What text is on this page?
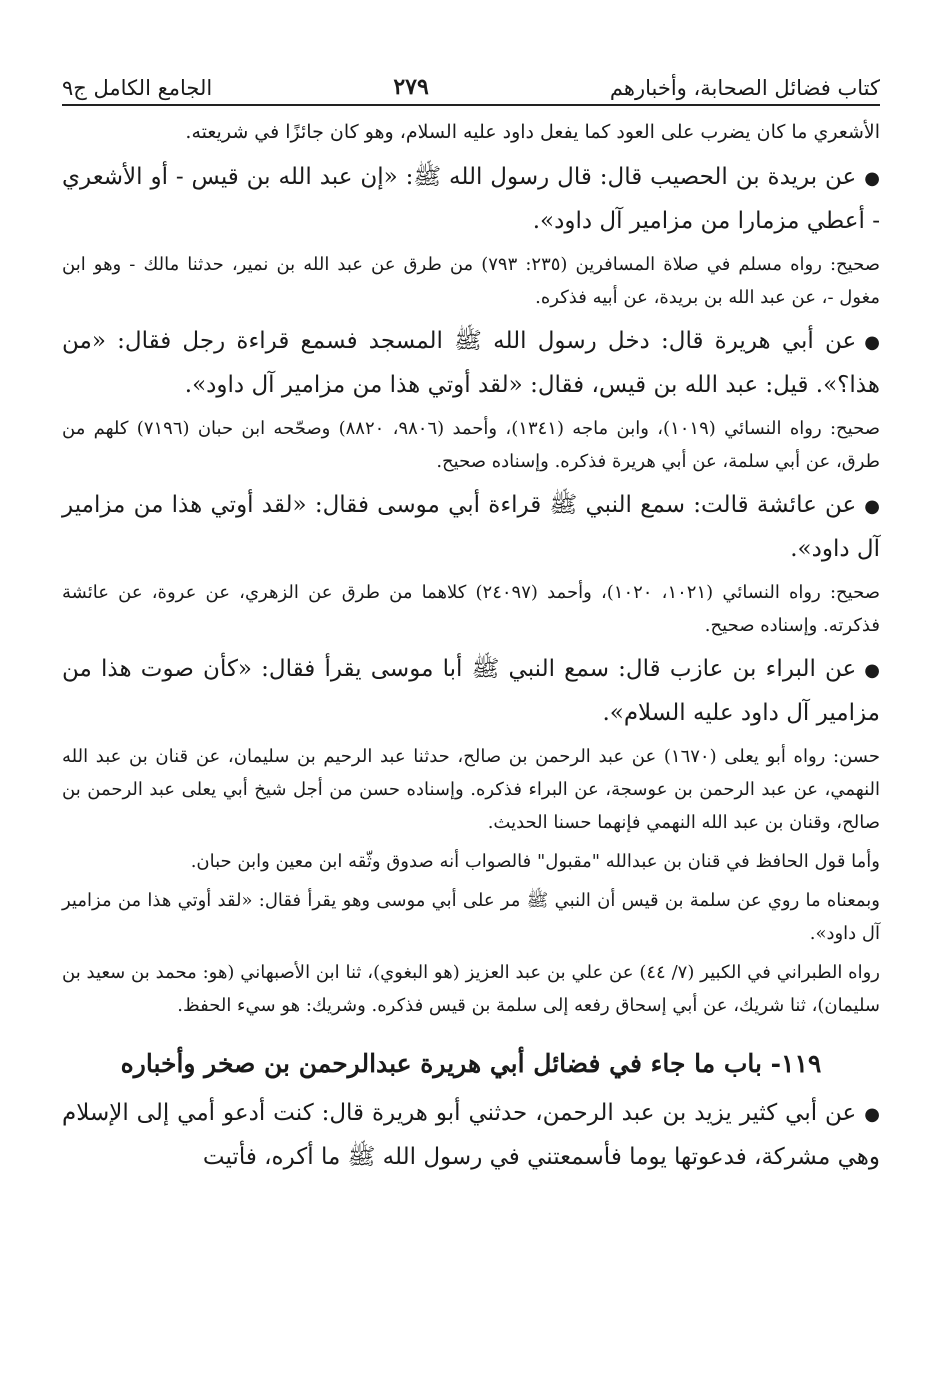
كتاب فضائل الصحابة، وأخبارهم
٢٧٩
الجامع الكامل ج٩

الأشعري ما كان يضرب على العود كما يفعل داود عليه السلام، وهو كان جائزًا في شريعته.

●عن بريدة بن الحصيب قال: قال رسول الله ﷺ: «إن عبد الله بن قيس - أو الأشعري - أعطي مزمارا من مزامير آل داود».

صحيح: رواه مسلم في صلاة المسافرين (٢٣٥: ٧٩٣) من طرق عن عبد الله بن نمير، حدثنا مالك - وهو ابن مغول -، عن عبد الله بن بريدة، عن أبيه فذكره.

●عن أبي هريرة قال: دخل رسول الله ﷺ المسجد فسمع قراءة رجل فقال: «من هذا؟». قيل: عبد الله بن قيس، فقال: «لقد أوتي هذا من مزامير آل داود».

صحيح: رواه النسائي (١٠١٩)، وابن ماجه (١٣٤١)، وأحمد (٩٨٠٦، ٨٨٢٠) وصحّحه ابن حبان (٧١٩٦) كلهم من طرق، عن أبي سلمة، عن أبي هريرة فذكره. وإسناده صحيح.

●عن عائشة قالت: سمع النبي ﷺ قراءة أبي موسى فقال: «لقد أوتي هذا من مزامير آل داود».

صحيح: رواه النسائي (١٠٢١، ١٠٢٠)، وأحمد (٢٤٠٩٧) كلاهما من طرق عن الزهري، عن عروة، عن عائشة فذكرته. وإسناده صحيح.

●عن البراء بن عازب قال: سمع النبي ﷺ أبا موسى يقرأ فقال: «كأن صوت هذا من مزامير آل داود عليه السلام».

حسن: رواه أبو يعلى (١٦٧٠) عن عبد الرحمن بن صالح، حدثنا عبد الرحيم بن سليمان، عن قنان بن عبد الله النهمي، عن عبد الرحمن بن عوسجة، عن البراء فذكره. وإسناده حسن من أجل شيخ أبي يعلى عبد الرحمن بن صالح، وقنان بن عبد الله النهمي فإنهما حسنا الحديث.

وأما قول الحافظ في قنان بن عبدالله "مقبول" فالصواب أنه صدوق وثّقه ابن معين وابن حبان.

وبمعناه ما روي عن سلمة بن قيس أن النبي ﷺ مر على أبي موسى وهو يقرأ فقال: «لقد أوتي هذا من مزامير آل داود».

رواه الطبراني في الكبير (٧/ ٤٤) عن علي بن عبد العزيز (هو البغوي)، ثنا ابن الأصبهاني (هو: محمد بن سعيد بن سليمان)، ثنا شريك، عن أبي إسحاق رفعه إلى سلمة بن قيس فذكره. وشريك: هو سيء الحفظ.

١١٩- باب ما جاء في فضائل أبي هريرة عبدالرحمن بن صخر وأخباره

●عن أبي كثير يزيد بن عبد الرحمن، حدثني أبو هريرة قال: كنت أدعو أمي إلى الإسلام وهي مشركة، فدعوتها يوما فأسمعتني في رسول الله ﷺ ما أكره، فأتيت
